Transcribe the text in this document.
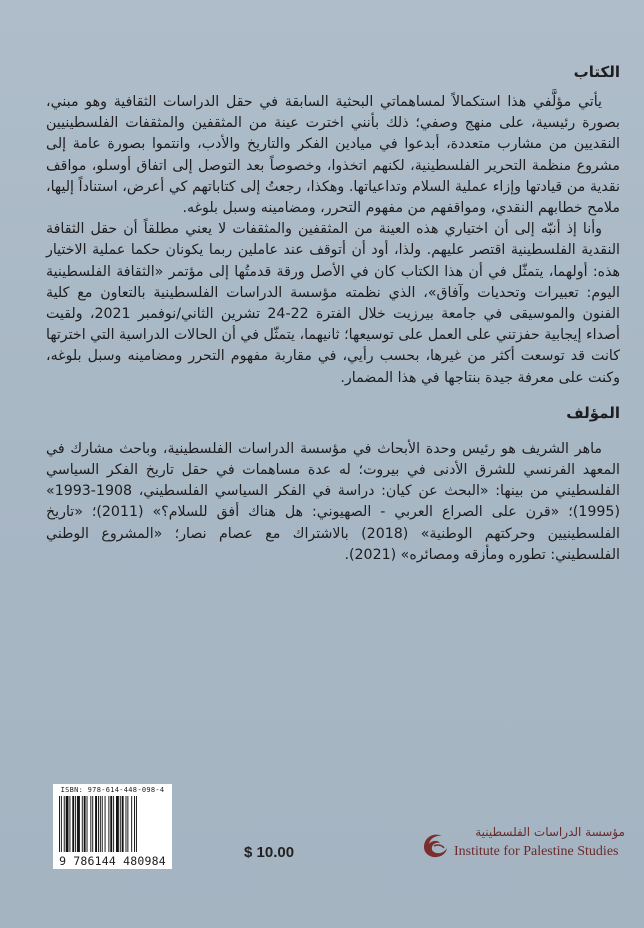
الكتاب

يأتي مؤلَّفي هذا استكمالاً لمساهماتي البحثية السابقة في حقل الدراسات الثقافية وهو مبني، بصورة رئيسية، على منهج وصفي؛ ذلك بأنني اخترت عينة من المثقفين والمثقفات الفلسطينيين النقديين من مشارب متعددة، أبدعوا في ميادين الفكر والتاريخ والأدب، وانتموا بصورة عامة إلى مشروع منظمة التحرير الفلسطينية، لكنهم اتخذوا، وخصوصاً بعد التوصل إلى اتفاق أوسلو، مواقف نقدية من قيادتها وإزاء عملية السلام وتداعياتها. وهكذا، رجعتُ إلى كتاباتهم كي أعرض، استناداً إليها، ملامح خطابهم النقدي، ومواقفهم من مفهوم التحرر، ومضامينه وسبل بلوغه.

وأنا إذ أنبّه إلى أن اختياري هذه العينة من المثقفين والمثقفات لا يعني مطلقاً أن حقل الثقافة النقدية الفلسطينية اقتصر عليهم. ولذا، أود أن أتوقف عند عاملين ربما يكونان حكما عملية الاختيار هذه: أولهما، يتمثّل في أن هذا الكتاب كان في الأصل ورقة قدمتُها إلى مؤتمر «الثقافة الفلسطينية اليوم: تعبيرات وتحديات وآفاق»، الذي نظمته مؤسسة الدراسات الفلسطينية بالتعاون مع كلية الفنون والموسيقى في جامعة بيرزيت خلال الفترة 22-24 تشرين الثاني/نوفمبر 2021، ولقيت أصداء إيجابية حفزتني على العمل على توسيعها؛ ثانيهما، يتمثّل في أن الحالات الدراسية التي اخترتها كانت قد توسعت أكثر من غيرها، بحسب رأيي، في مقاربة مفهوم التحرر ومضامينه وسبل بلوغه، وكنت على معرفة جيدة بنتاجها في هذا المضمار.

المؤلف

ماهر الشريف هو رئيس وحدة الأبحاث في مؤسسة الدراسات الفلسطينية، وباحث مشارك في المعهد الفرنسي للشرق الأدنى في بيروت؛ له عدة مساهمات في حقل تاريخ الفكر السياسي الفلسطيني من بينها: «البحث عن كيان: دراسة في الفكر السياسي الفلسطيني، 1908-1993» (1995)؛ «قرن على الصراع العربي - الصهيوني: هل هناك أفق للسلام؟» (2011)؛ «تاريخ الفلسطينيين وحركتهم الوطنية» (2018) بالاشتراك مع عصام نصار؛ «المشروع الوطني الفلسطيني: تطوره ومأزقه ومصائره» (2021).

ISBN: 978-614-448-098-4
9 786144 480984	$ 10.00
مؤسسة الدراسات الفلسطينية
Institute for Palestine Studies
